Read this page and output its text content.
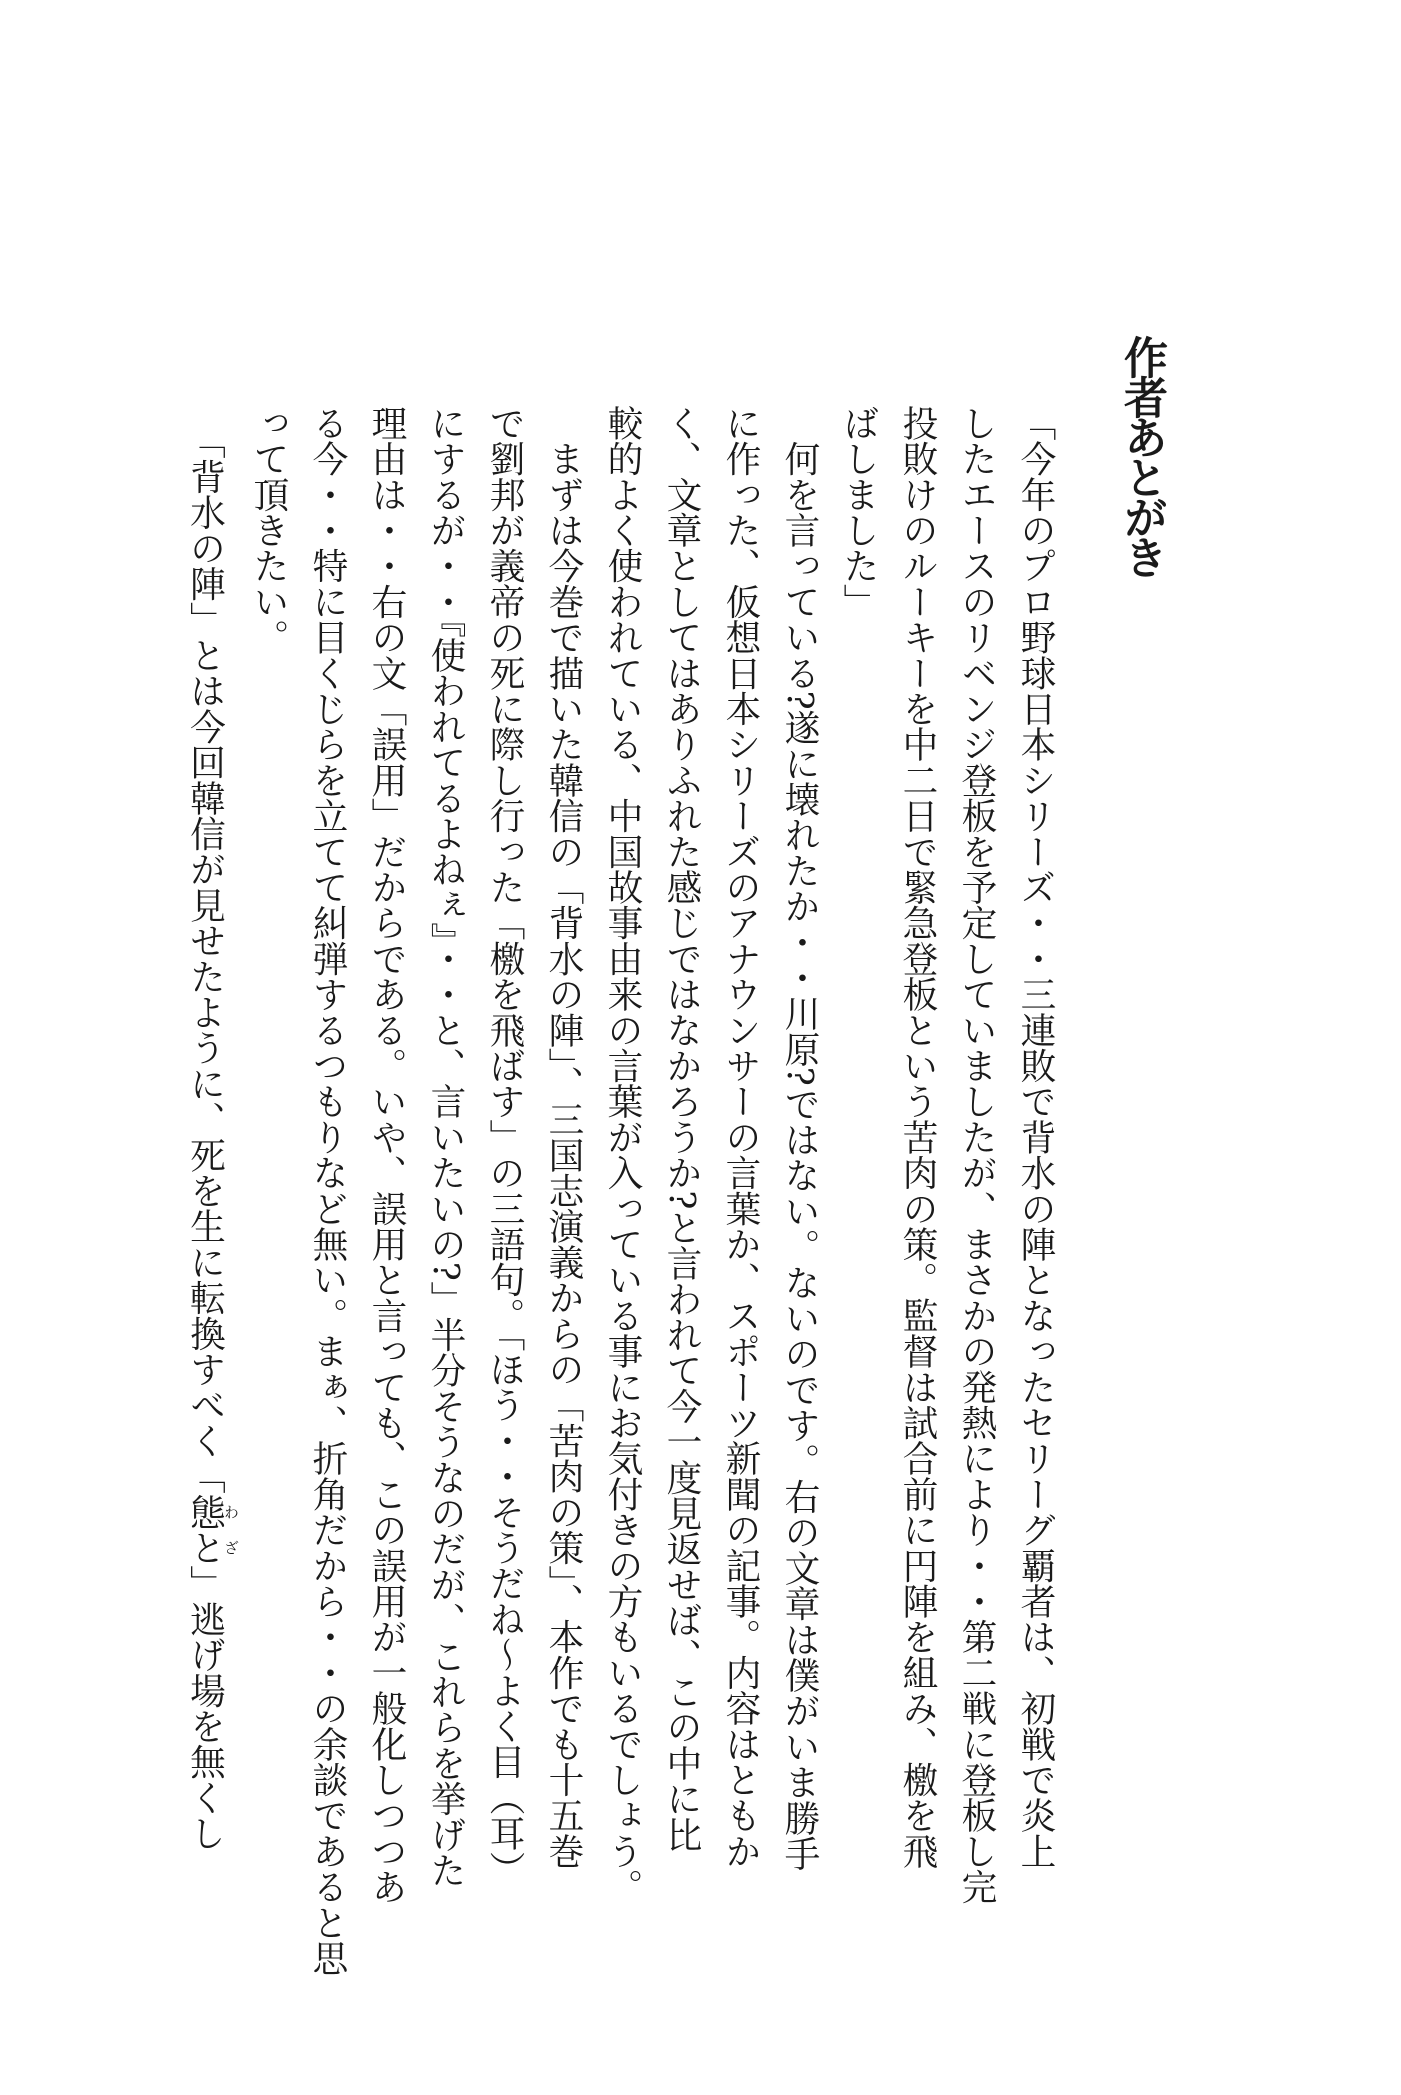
作者あとがき
「今年のプロ野球日本シリーズ・・三連敗で背水の陣となったセリーグ覇者は、初戦で炎上
したエースのリベンジ登板を予定していましたが、まさかの発熱により・・第二戦に登板し完
投敗けのルーキーを中二日で緊急登板という苦肉の策。監督は試合前に円陣を組み、檄を飛
ばしました」
　何を言っている?遂に壊れたか・・川原?ではない。ないのです。右の文章は僕がいま勝手
に作った、仮想日本シリーズのアナウンサーの言葉か、スポーツ新聞の記事。内容はともか
く、文章としてはありふれた感じではなかろうか?と言われて今一度見返せば、この中に比
較的よく使われている、中国故事由来の言葉が入っている事にお気付きの方もいるでしょう。
　まずは今巻で描いた韓信の「背水の陣」、三国志演義からの「苦肉の策」、本作でも十五巻
で劉邦が義帝の死に際し行った「檄を飛ばす」の三語句。「ほう・・そうだね〜よく目（耳）
にするが・・『使われてるよねぇ』・・と、言いたいの?」半分そうなのだが、これらを挙げた
理由は・・右の文「誤用」だからである。いや、誤用と言っても、この誤用が一般化しつつあ
る今・・特に目くじらを立てて糾弾するつもりなど無い。まぁ、折角だから・・の余談であると思
って頂きたい。
　「背水の陣」とは今回韓信が見せたように、死を生に転換すべく「態とわざ」逃げ場を無くし
